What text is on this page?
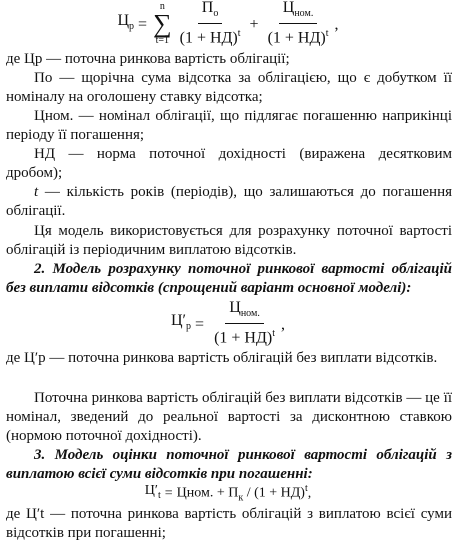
$Ц_р$ =
n
∑
$t=1 \frac{П_о}{(1 + НД)^t} + \frac{Ц_{ном.}}{(1 + НД)^t}$ ,

де Цр — поточна ринкова вартість облігації;

По — щорічна сума відсотка за облігацією, що є добутком її номіналу на оголошену ставку відсотка;

Цном. — номінал облігації, що підлягає погашенню наприкінці періоду її погашення;

НД — норма поточної дохідності (виражена десятковим дробом);

t — кількість років (періодів), що залишаються до погашення облігації.

Ця модель використовується для розрахунку поточної вартості облігацій із періодичним виплатою відсотків.

2. Модель розрахунку поточної ринкової вартості облігацій без виплати відсотків (спрощений варіант основної моделі):

$Ц'_р = \frac{Ц_{ном.}}{(1 + НД)^t}$ ,

де Ц′р — поточна ринкова вартість облігацій без виплати відсотків.

Поточна ринкова вартість облігацій без виплати відсотків — це її номінал, зведений до реальної вартості за дисконтною ставкою (нормою поточної дохідності).

3. Модель оцінки поточної ринкової вартості облігацій з виплатою всієї суми відсотків при погашенні:

$Ц'_t$ = Цном. + $П_к / (1 + НД)^t$ ,

де Ц′t — поточна ринкова вартість облігацій з виплатою всієї суми відсотків при погашенні;
